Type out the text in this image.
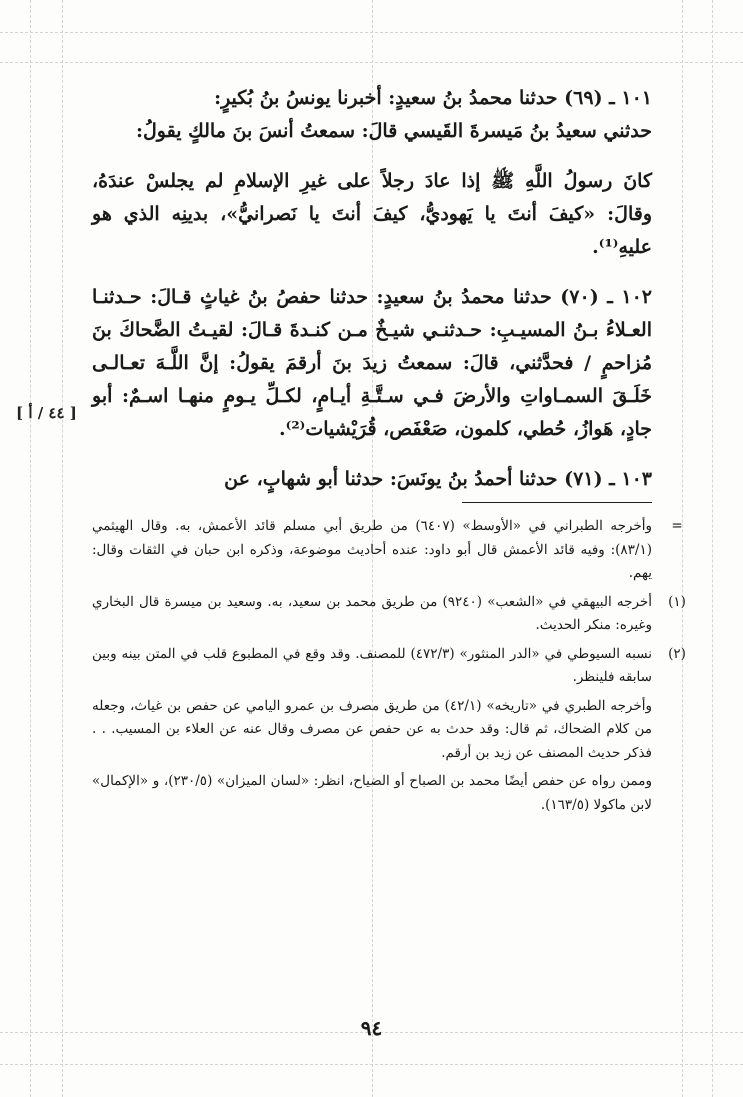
[ ٤٤ / أ ]

١٠١ ـ (٦٩) حدثنا محمدُ بنُ سعيدٍ: أخبرنا يونسُ بنُ بُكيرٍ:

حدثني سعيدُ بنُ مَيسرةَ القَيسي قالَ: سمعتُ أنسَ بنَ مالكٍ يقولُ:

كانَ رسولُ اللَّهِ ﷺ إذا عادَ رجلاً على غيرِ الإسلامِ لم يجلسْ عندَهُ، وقالَ: «كيفَ أنتَ يا يَهوديُّ، كيفَ أنتَ يا نَصرانيُّ»، بدينِه الذي هو عليهِ⁽¹⁾.

١٠٢ ـ (٧٠) حدثنا محمدُ بنُ سعيدٍ: حدثنا حفصُ بنُ غياثٍ قـالَ: حـدثنـا العـلاءُ بـنُ المسيـبِ: حـدثنـي شيـخٌ مـن كنـدةَ قـالَ: لقيـتُ الضَّحاكَ بنَ مُزاحمٍ / فحدَّثني، قالَ: سمعتُ زيدَ بنَ أرقمَ يقولُ: إنَّ اللَّـهَ تعـالـى خَلَـقَ السمـاواتِ والأرضَ فـي سـتَّـةِ أيـامٍ، لكـلِّ يـومٍ منهـا اسـمٌ: أبو جادٍ، هَوازُ، حُطي، كلمون، صَعْفَص، قُرَيْشيات⁽²⁾.

١٠٣ ـ (٧١) حدثنا أحمدُ بنُ يونَسَ: حدثنا أبو شهابٍ، عن

=
وأخرجه الطبراني في «الأوسط» (٦٤٠٧) من طريق أبي مسلم قائد الأعمش، به. وقال الهيثمي (٨٣/١): وفيه قائد الأعمش قال أبو داود: عنده أحاديث موضوعة، وذكره ابن حبان في الثقات وقال: يهم.
(١)
أخرجه البيهقي في «الشعب» (٩٢٤٠) من طريق محمد بن سعيد، به. وسعيد بن ميسرة قال البخاري وغيره: منكر الحديث.
(٢)
نسبه السيوطي في «الدر المنثور» (٤٧٢/٣) للمصنف. وقد وقع في المطبوع قلب في المتن بينه وبين سابقه فلينظر.
وأخرجه الطبري في «تاريخه» (٤٢/١) من طريق مصرف بن عمرو اليامي عن حفص بن غياث، وجعله من كلام الضحاك، ثم قال: وقد حدث به عن حفص عن مصرف وقال عنه عن العلاء بن المسيب. . . فذكر حديث المصنف عن زيد بن أرقم.
وممن رواه عن حفص أيضًا محمد بن الصباح أو الضياح، انظر: «لسان الميزان» (٢٣٠/٥)، و «الإكمال» لابن ماكولا (١٦٣/٥).
٩٤
